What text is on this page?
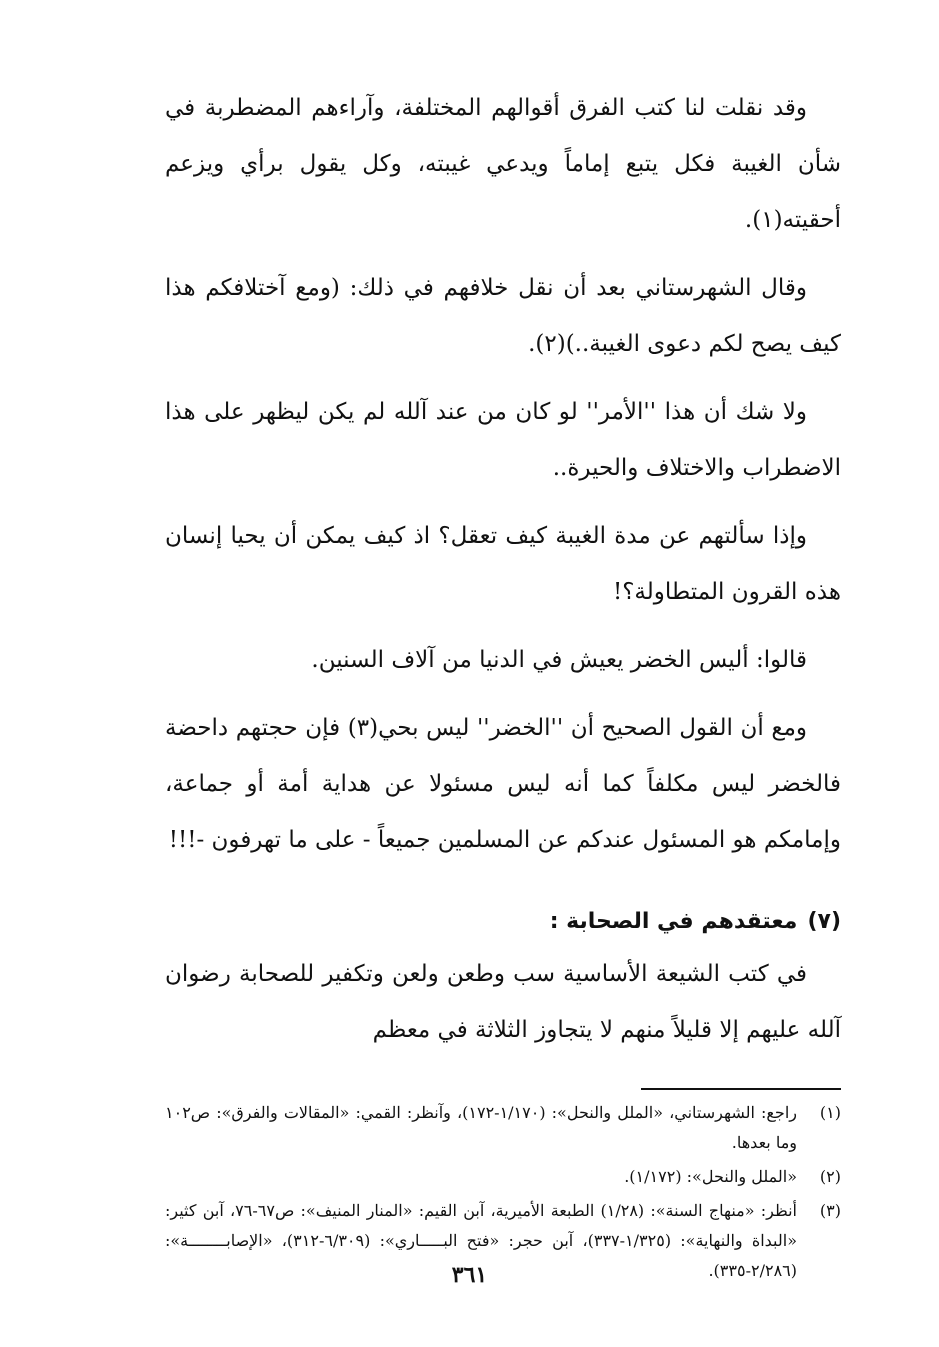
وقد نقلت لنا كتب الفرق أقوالهم المختلفة، وآراءهم المضطربة في شأن الغيبة فكل يتبع إماماً ويدعي غيبته، وكل يقول برأي ويزعم أحقيته(١).

وقال الشهرستاني بعد أن نقل خلافهم في ذلك: (ومع آختلافكم هذا كيف يصح لكم دعوى الغيبة..)(٢).

ولا شك أن هذا ''الأمر'' لو كان من عند آلله لم يكن ليظهر على هذا الاضطراب والاختلاف والحيرة..

وإذا سألتهم عن مدة الغيبة كيف تعقل؟ اذ كيف يمكن أن يحيا إنسان هذه القرون المتطاولة؟!

قالوا: أليس الخضر يعيش في الدنيا من آلاف السنين.

ومع أن القول الصحيح أن ''الخضر'' ليس بحي(٣) فإن حجتهم داحضة فالخضر ليس مكلفاً كما أنه ليس مسئولا عن هداية أمة أو جماعة، وإمامكم هو المسئول عندكم عن المسلمين جميعاً - على ما تهرفون -!!!

(٧)
معتقدهم في الصحابة :

في كتب الشيعة الأساسية سب وطعن ولعن وتكفير للصحابة رضوان آلله عليهم إلا قليلاً منهم لا يتجاوز الثلاثة في معظم

(١)
راجع: الشهرستاني، «الملل والنحل»: (١/١٧٠-١٧٢)، وآنظر: القمي: «المقالات والفرق»: ص١٠٢ وما بعدها.
(٢)
«الملل والنحل»: (١/١٧٢).
(٣)
أنظر: «منهاج السنة»: (١/٢٨) الطبعة الأميرية، آبن القيم: «المنار المنيف»: ص٦٧-٧٦، آبن كثير: «البداة والنهاية»: (١/٣٢٥-٣٣٧)، آبن حجر: «فتح البـــــاري»: (٦/٣٠٩-٣١٢)، «الإصابــــــــة»: (٢/٢٨٦-٣٣٥).
٣٦١
